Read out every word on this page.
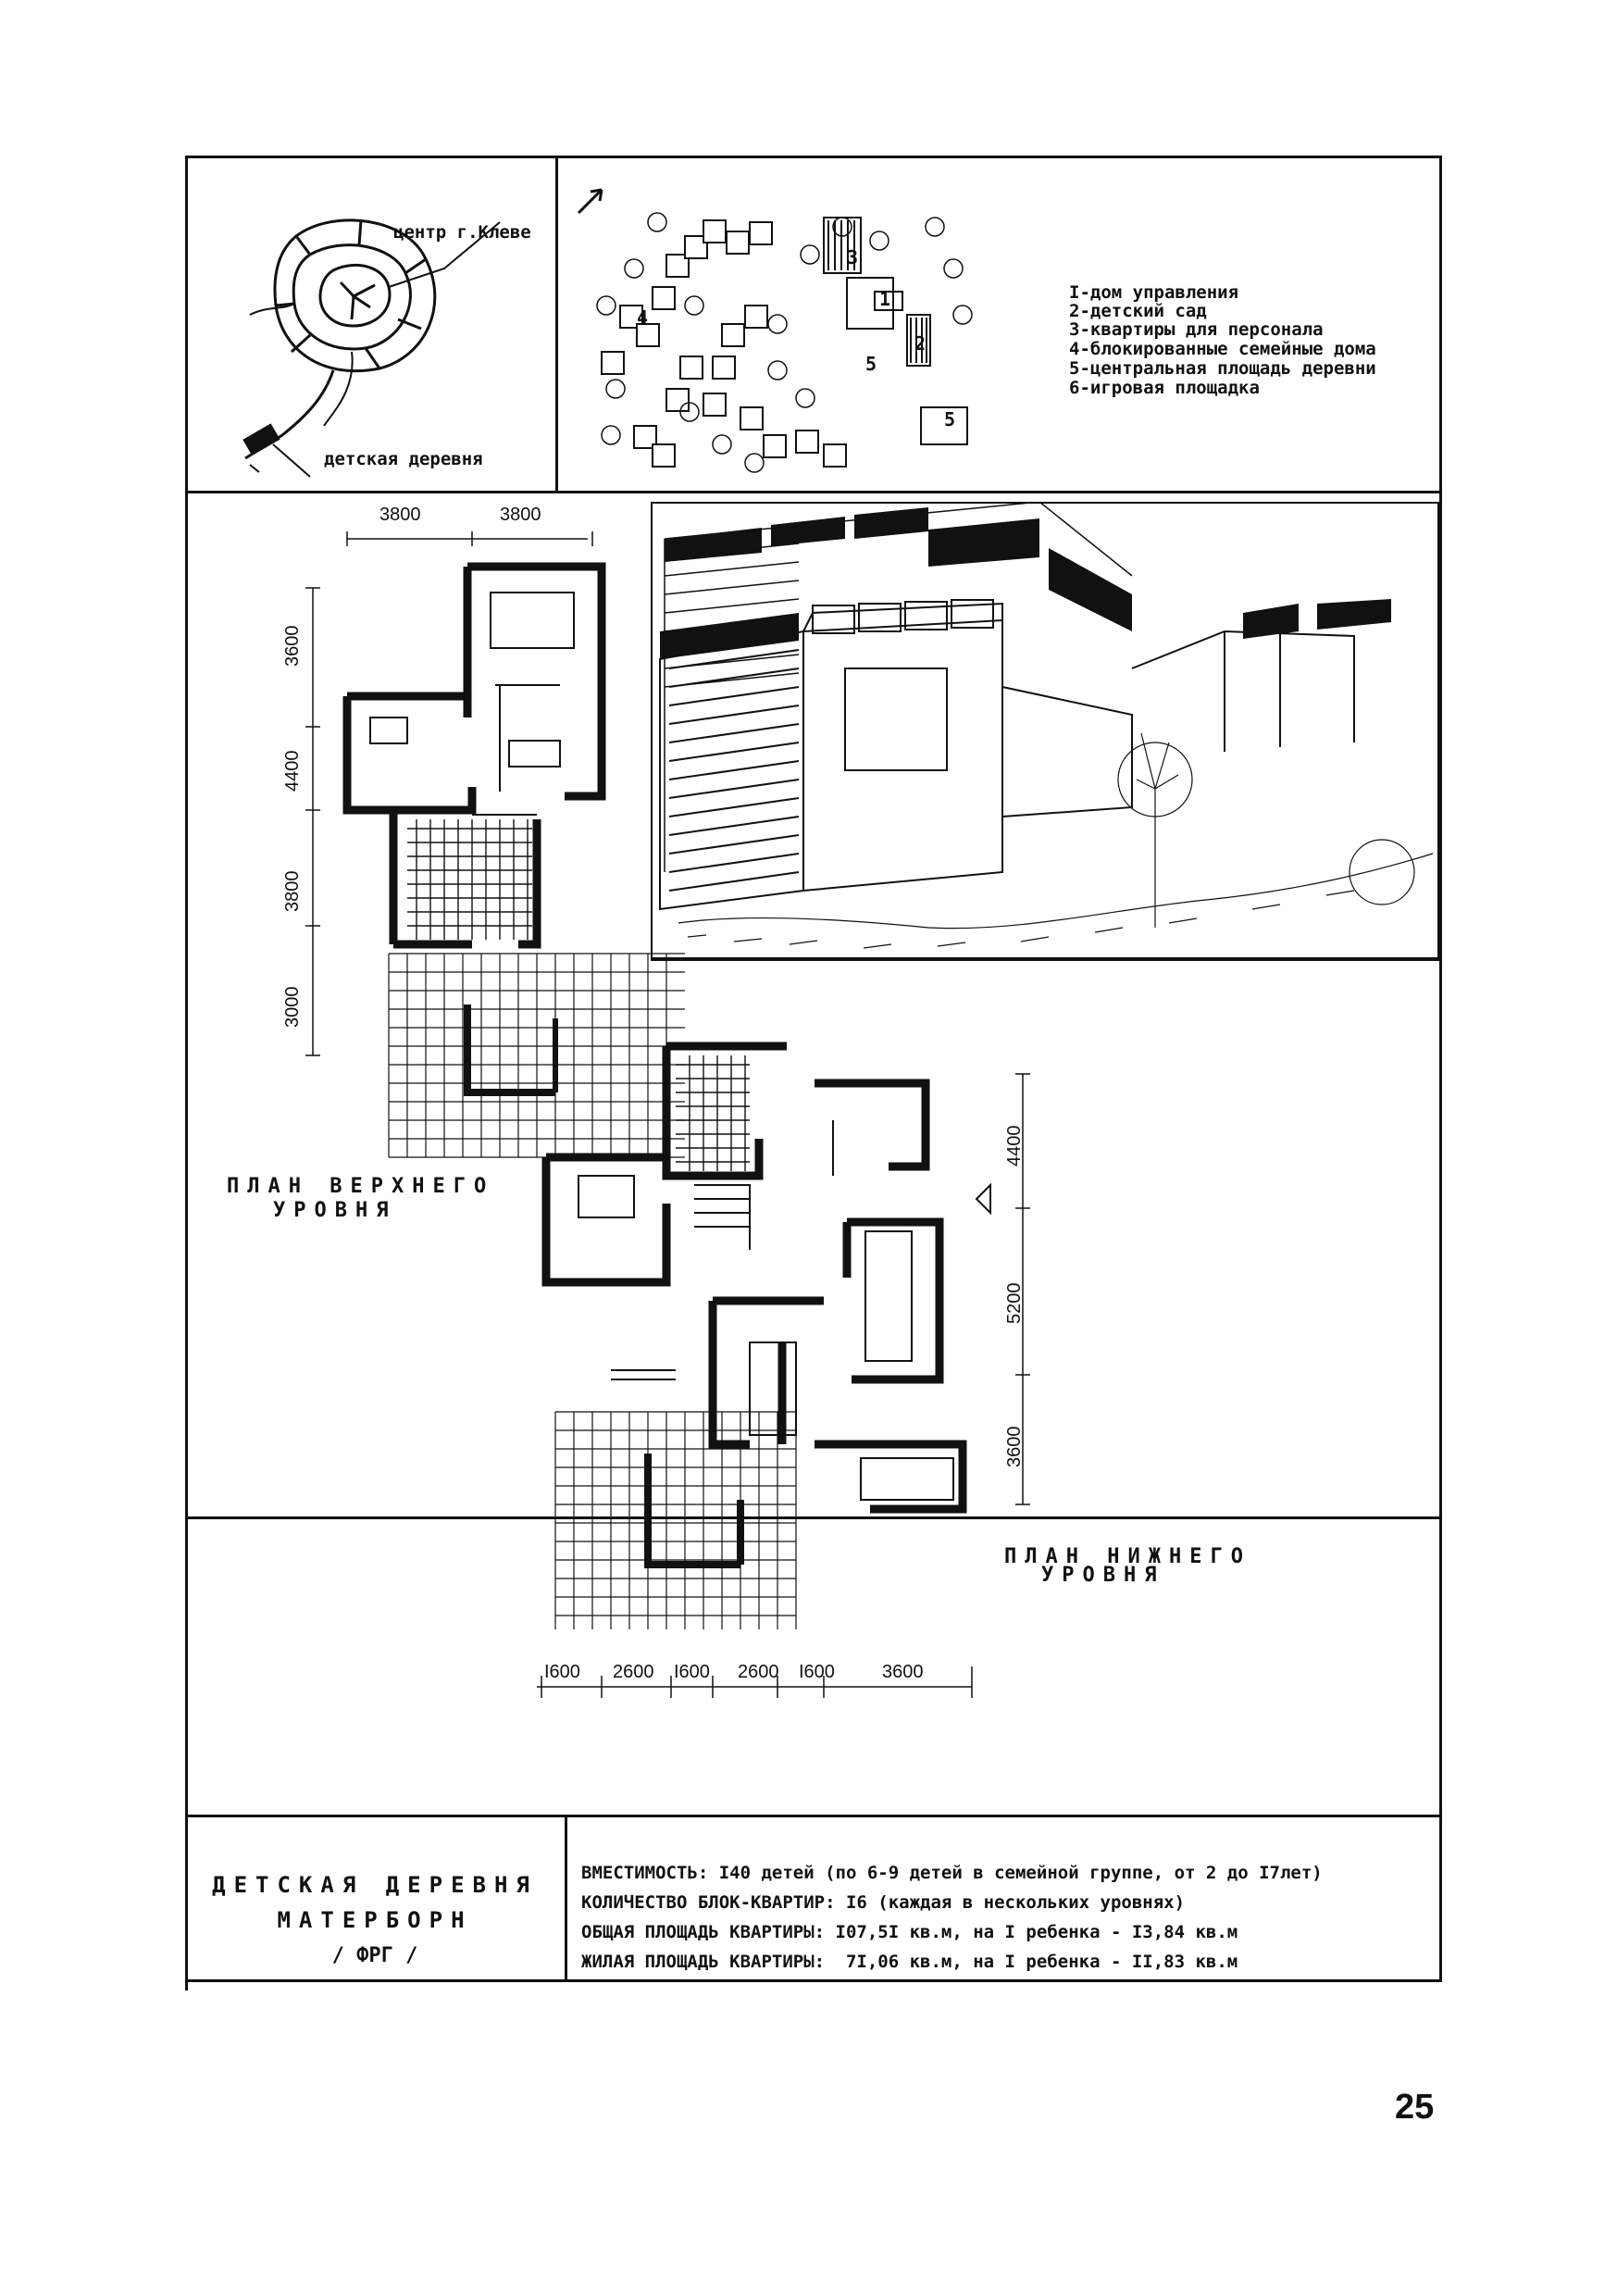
центр г.Клеве
детская деревня
1
2
3
4
5
5
I-дом управления
2-детский сад
3-квартиры для персонала
4-блокированные семейные дома
5-центральная площадь деревни
6-игровая площадка
3800	3800
3600
4400
3800
3000
ПЛАН ВЕРХНЕГО
УРОВНЯ
4400
5200
3600
I600 2600 I600 2600 I600	3600
ПЛАН НИЖНЕГО
УРОВНЯ
ДЕТСКАЯ ДЕРЕВНЯ
МАТЕРБОРН
/ ФРГ /
ВМЕСТИМОСТЬ: I40 детей (по 6-9 детей в семейной группе, от 2 до I7лет)
КОЛИЧЕСТВО БЛОК-КВАРТИР: I6 (каждая в нескольких уровнях)
ОБЩАЯ ПЛОЩАДЬ КВАРТИРЫ: I07,5I кв.м, на I ребенка - I3,84 кв.м
ЖИЛАЯ ПЛОЩАДЬ КВАРТИРЫ:  7I,06 кв.м, на I ребенка - II,83 кв.м
25
